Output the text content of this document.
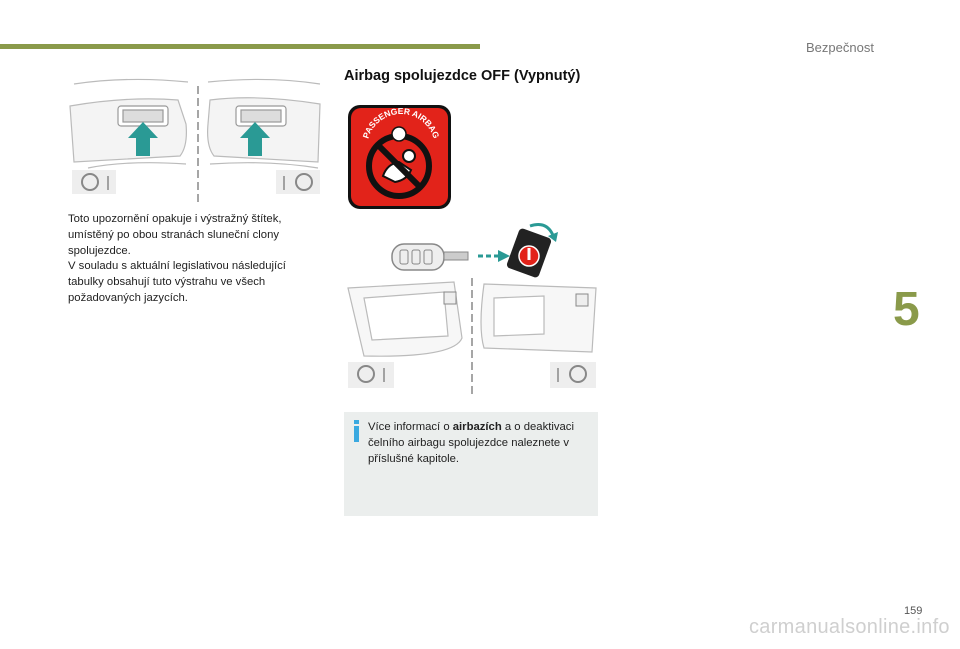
Bezpečnost
5

Toto upozornění opakuje i výstražný štítek, umístěný po obou stranách sluneční clony spolujezdce.

V souladu s aktuální legislativou následující tabulky obsahují tuto výstrahu ve všech požadovaných jazycích.

Airbag spolujezdce OFF (Vypnutý)
PASSENGER AIRBAG
Více informací o airbazích a o deaktivaci čelního airbagu spolujezdce naleznete v příslušné kapitole.
159
carmanualsonline.info
